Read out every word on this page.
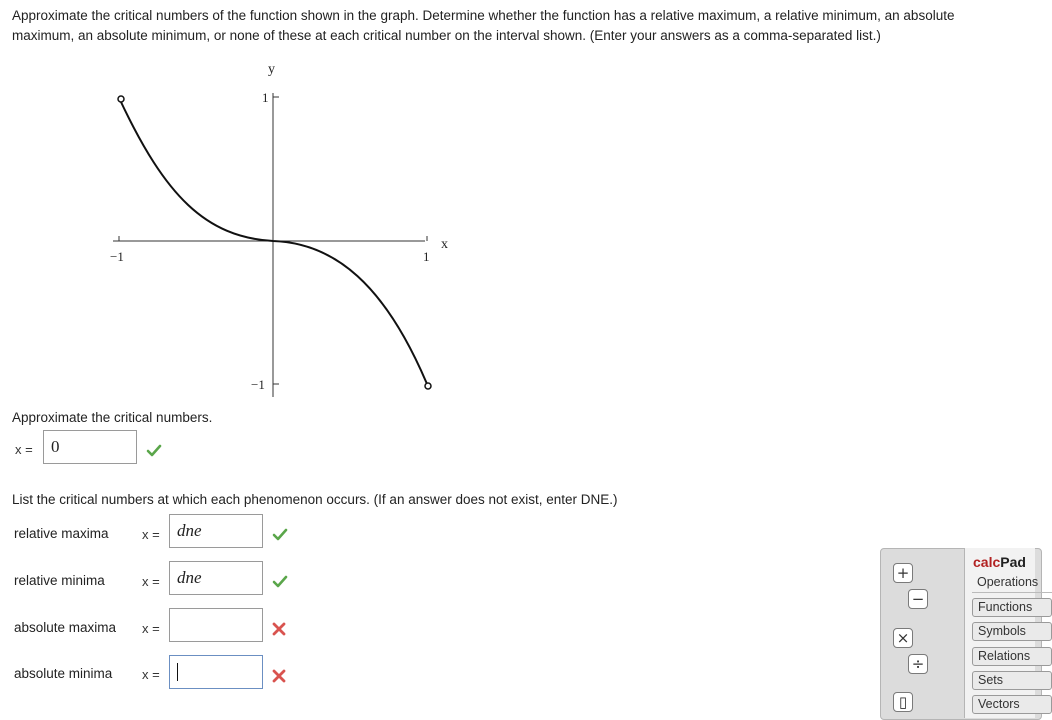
Approximate the critical numbers of the function shown in the graph. Determine whether the function has a relative maximum, a relative minimum, an absolute maximum, an absolute minimum, or none of these at each critical number on the interval shown. (Enter your answers as a comma-separated list.)
y
x
−1	1
1
−1
Approximate the critical numbers.
x =	0
List the critical numbers at which each phenomenon occurs. (If an answer does not exist, enter DNE.)
relative maxima	x =	dne
relative minima	x =	dne
absolute maxima x =
absolute minima x =
+
−
×
÷
▯
calcPad
Operations
Functions
Symbols
Relations
Sets
Vectors
